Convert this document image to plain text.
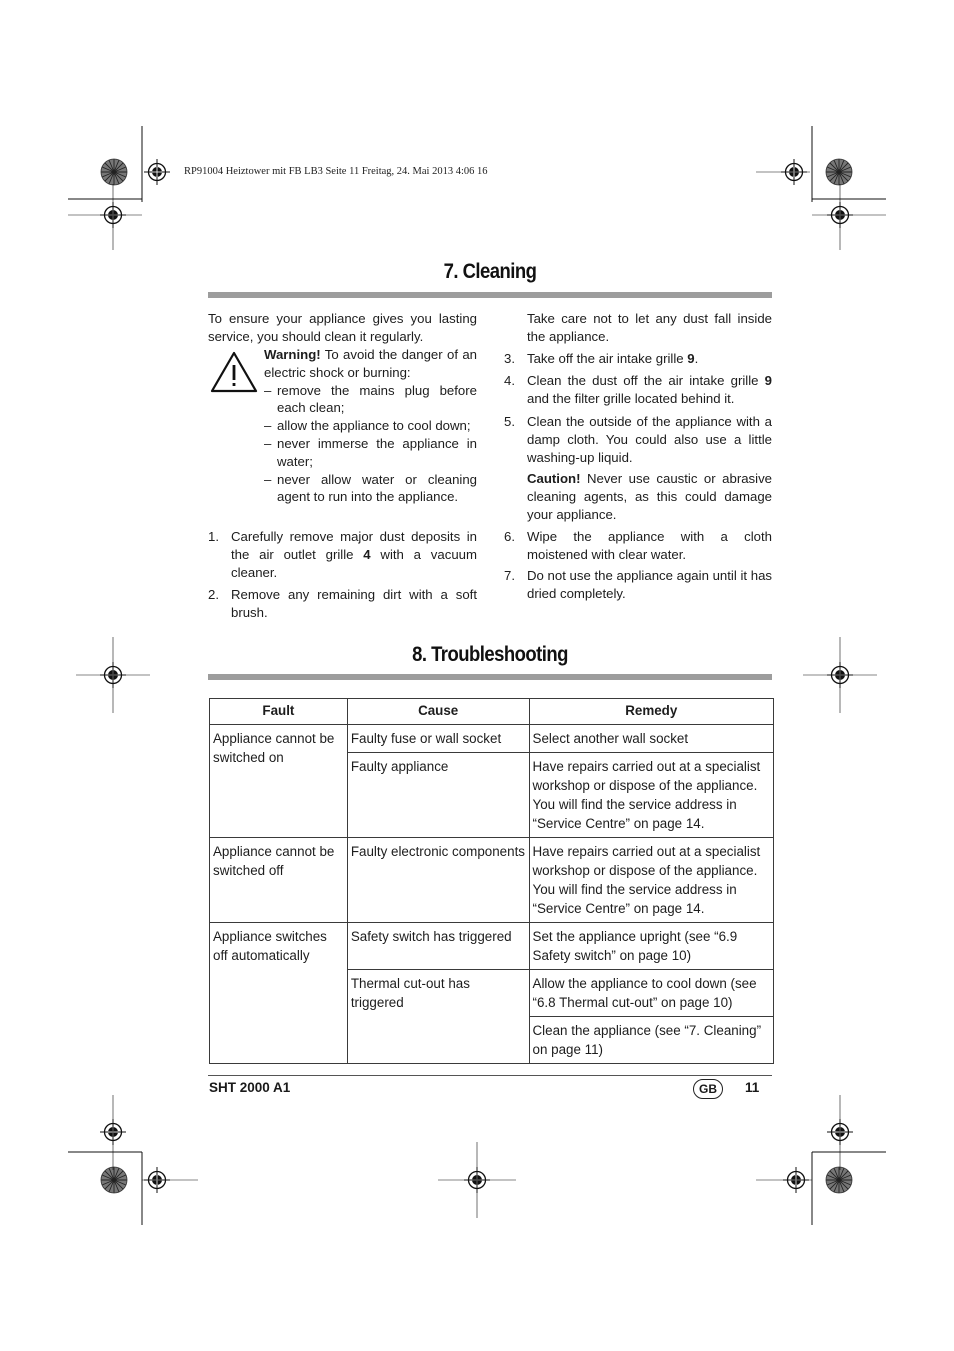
RP91004 Heiztower mit FB LB3 Seite 11 Freitag, 24. Mai 2013 4:06 16
7. Cleaning

To ensure your appliance gives you lasting service, you should clean it regularly.

Warning! To avoid the danger of an electric shock or burning:

– remove the mains plug before each clean;
– allow the appliance to cool down;
– never immerse the appliance in water;
– never allow water or cleaning agent to run into the appliance.
1. Carefully remove major dust deposits in the air outlet grille 4 with a vacuum cleaner.
2. Remove any remaining dirt with a soft brush.

Take care not to let any dust fall inside the appliance.

3. Take off the air intake grille 9.
4. Clean the dust off the air intake grille 9 and the filter grille located behind it.
5. Clean the outside of the appliance with a damp cloth. You could also use a little washing-up liquid.

Caution! Never use caustic or abrasive cleaning agents, as this could damage your appliance.

6. Wipe the appliance with a cloth moistened with clear water.
7. Do not use the appliance again until it has dried completely.
8. Troubleshooting
Fault	Cause	Remedy
Appliance cannot be switched on	Faulty fuse or wall socket	Select another wall socket
	Faulty appliance	Have repairs carried out at a specialist workshop or dispose of the appliance. You will find the service address in “Service Centre” on page 14.
Appliance cannot be switched off	Faulty electronic components	Have repairs carried out at a specialist workshop or dispose of the appliance. You will find the service address in “Service Centre” on page 14.
Appliance switches off automatically	Safety switch has triggered	Set the appliance upright (see “6.9 Safety switch” on page 10)
	Thermal cut-out has triggered	Allow the appliance to cool down (see “6.8 Thermal cut-out” on page 10)
		Clean the appliance (see “7. Cleaning” on page 11)
SHT 2000 A1	GB	11
